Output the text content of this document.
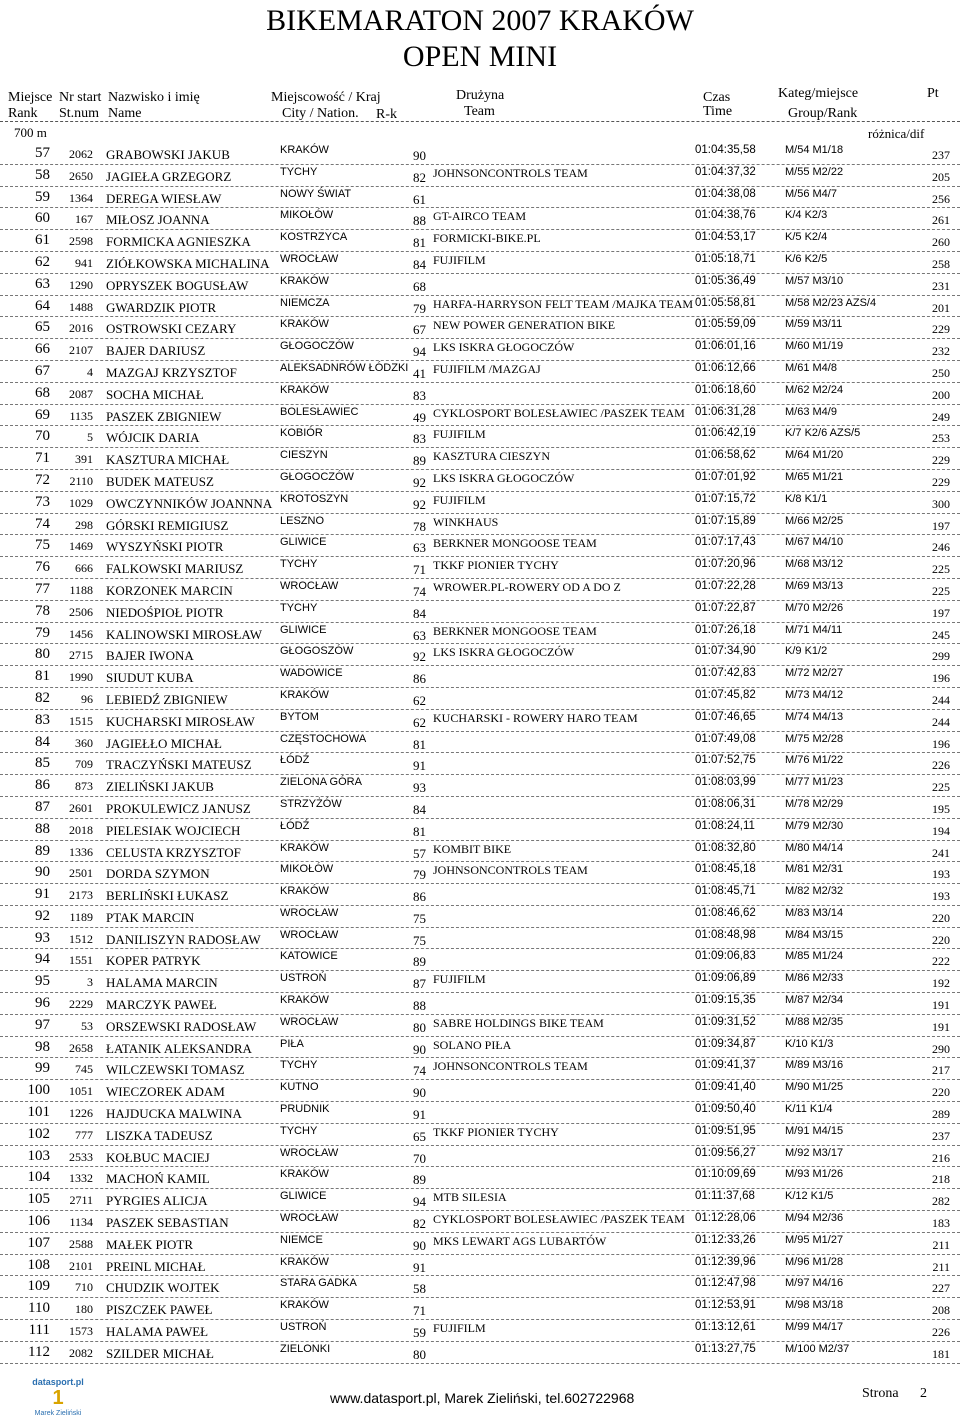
BIKEMARATON 2007 KRAKÓW
OPEN MINI
Miejsce
Rank
700 m
Nr start
St.num
Nazwisko i imię
Name
Miejscowość / Kraj
City / Nation. R-k
Drużyna
Team
Czas
Time
Kateg/miejsce
Group/Rank
różnica/dif
Pt
57	2062 GRABOWSKI JAKUB	KRAKÓW	90	01:04:35,58	M/54 M1/18	237
58	2650 JAGIEŁA GRZEGORZ	TYCHY	82 JOHNSONCONTROLS TEAM	01:04:37,32	M/55 M2/22	205
59	1364 DEREGA WIESŁAW	NOWY ŚWIAT	61	01:04:38,08	M/56 M4/7	256
60	167 MIŁOSZ JOANNA	MIKOŁÓW	88 GT-AIRCO TEAM	01:04:38,76	K/4 K2/3	261
61	2598 FORMICKA AGNIESZKA	KOSTRZYCA	81 FORMICKI-BIKE.PL	01:04:53,17	K/5 K2/4	260
62	941 ZIÓŁKOWSKA MICHALINA WROCŁAW	84 FUJIFILM	01:05:18,71	K/6 K2/5	258
63	1290 OPRYSZEK BOGUSŁAW	KRAKÓW	68	01:05:36,49	M/57 M3/10	231
64	1488 GWARDZIK PIOTR	NIEMCZA	79 HARFA-HARRYSON FELT TEAM /MAJKA TEAM 01:05:58,81	M/58 M2/23 AZS/4	201
65	2016 OSTROWSKI CEZARY	KRAKÓW	67 NEW POWER GENERATION BIKE	01:05:59,09	M/59 M3/11	229
66	2107 BAJER DARIUSZ	GŁOGOCZÓW	94 LKS ISKRA GŁOGOCZÓW	01:06:01,16	M/60 M1/19	232
67	4 MAZGAJ KRZYSZTOF	ALEKSADNRÓW ŁÓDZKI 41 FUJIFILM /MAZGAJ	01:06:12,66	M/61 M4/8	250
68	2087 SOCHA MICHAŁ	KRAKÓW	83	01:06:18,60	M/62 M2/24	200
69	1135 PASZEK ZBIGNIEW	BOLESŁAWIEC	49 CYKLOSPORT BOLESŁAWIEC /PASZEK TEAM 01:06:31,28	M/63 M4/9	249
70	5 WÓJCIK DARIA	KOBIÓR	83 FUJIFILM	01:06:42,19	K/7 K2/6 AZS/5	253
71	391 KASZTURA MICHAŁ	CIESZYN	89 KASZTURA CIESZYN	01:06:58,62	M/64 M1/20	229
72	2110 BUDEK MATEUSZ	GŁOGOCZÓW	92 LKS ISKRA GŁOGOCZÓW	01:07:01,92	M/65 M1/21	229
73	1029 OWCZYNNIKÓW JOANNNA KROTOSZYN	92 FUJIFILM	01:07:15,72	K/8 K1/1	300
74	298 GÓRSKI REMIGIUSZ	LESZNO	78 WINKHAUS	01:07:15,89	M/66 M2/25	197
75	1469 WYSZYŃSKI PIOTR	GLIWICE	63 BERKNER MONGOOSE TEAM	01:07:17,43	M/67 M4/10	246
76	666 FALKOWSKI MARIUSZ	TYCHY	71 TKKF PIONIER TYCHY	01:07:20,96	M/68 M3/12	225
77	1188 KORZONEK MARCIN	WROCŁAW	74 WROWER.PL-ROWERY OD A DO Z	01:07:22,28	M/69 M3/13	225
78	2506 NIEDOŚPIOŁ PIOTR	TYCHY	84	01:07:22,87	M/70 M2/26	197
79	1456 KALINOWSKI MIROSŁAW GLIWICE	63 BERKNER MONGOOSE TEAM	01:07:26,18	M/71 M4/11	245
80	2715 BAJER IWONA	GŁOGOSZÓW	92 LKS ISKRA GŁOGOCZÓW	01:07:34,90	K/9 K1/2	299
81	1990 SIUDUT KUBA	WADOWICE	86	01:07:42,83	M/72 M2/27	196
82	96 LEBIEDŹ ZBIGNIEW	KRAKÓW	62	01:07:45,82	M/73 M4/12	244
83	1515 KUCHARSKI MIROSŁAW BYTOM	62 KUCHARSKI - ROWERY HARO TEAM	01:07:46,65	M/74 M4/13	244
84	360 JAGIEŁŁO MICHAŁ	CZĘSTOCHOWA	81	01:07:49,08	M/75 M2/28	196
85	709 TRACZYŃSKI MATEUSZ	ŁÓDŹ	91	01:07:52,75	M/76 M1/22	226
86	873 ZIELIŃSKI JAKUB	ZIELONA GÓRA	93	01:08:03,99	M/77 M1/23	225
87	2601 PROKULEWICZ JANUSZ	STRZYŻÓW	84	01:08:06,31	M/78 M2/29	195
88	2018 PIELESIAK WOJCIECH	ŁÓDŹ	81	01:08:24,11	M/79 M2/30	194
89	1336 CELUSTA KRZYSZTOF	KRAKÓW	57 KOMBIT BIKE	01:08:32,80	M/80 M4/14	241
90	2501 DORDA SZYMON	MIKOŁÓW	79 JOHNSONCONTROLS TEAM	01:08:45,18	M/81 M2/31	193
91	2173 BERLIŃSKI ŁUKASZ	KRAKÓW	86	01:08:45,71	M/82 M2/32	193
92	1189 PTAK MARCIN	WROCŁAW	75	01:08:46,62	M/83 M3/14	220
93	1512 DANILISZYN RADOSŁAW WROCŁAW	75	01:08:48,98	M/84 M3/15	220
94	1551 KOPER PATRYK	KATOWICE	89	01:09:06,83	M/85 M1/24	222
95	3 HALAMA MARCIN	USTROŃ	87 FUJIFILM	01:09:06,89	M/86 M2/33	192
96	2229 MARCZYK PAWEŁ	KRAKÓW	88	01:09:15,35	M/87 M2/34	191
97	53 ORSZEWSKI RADOSŁAW WROCŁAW	80 SABRE HOLDINGS BIKE TEAM	01:09:31,52	M/88 M2/35	191
98	2658 ŁATANIK ALEKSANDRA	PIŁA	90 SOLANO PIŁA	01:09:34,87	K/10 K1/3	290
99	745 WILCZEWSKI TOMASZ	TYCHY	74 JOHNSONCONTROLS TEAM	01:09:41,37	M/89 M3/16	217
100	1051 WIECZOREK ADAM	KUTNO	90	01:09:41,40	M/90 M1/25	220
101	1226 HAJDUCKA MALWINA	PRUDNIK	91	01:09:50,40	K/11 K1/4	289
102	777 LISZKA TADEUSZ	TYCHY	65 TKKF PIONIER TYCHY	01:09:51,95	M/91 M4/15	237
103	2533 KOŁBUC MACIEJ	WROCŁAW	70	01:09:56,27	M/92 M3/17	216
104	1332 MACHOŃ KAMIL	KRAKÓW	89	01:10:09,69	M/93 M1/26	218
105	2711 PYRGIES ALICJA	GLIWICE	94 MTB SILESIA	01:11:37,68	K/12 K1/5	282
106	1134 PASZEK SEBASTIAN	WROCŁAW	82 CYKLOSPORT BOLESŁAWIEC /PASZEK TEAM 01:12:28,06	M/94 M2/36	183
107	2588 MAŁEK PIOTR	NIEMCE	90 MKS LEWART AGS LUBARTÓW	01:12:33,26	M/95 M1/27	211
108	2101 PREINL MICHAŁ	KRAKÓW	91	01:12:39,96	M/96 M1/28	211
109	710 CHUDZIK WOJTEK	STARA GADKA	58	01:12:47,98	M/97 M4/16	227
110	180 PISZCZEK PAWEŁ	KRAKÓW	71	01:12:53,91	M/98 M3/18	208
111	1573 HALAMA PAWEŁ	USTROŃ	59 FUJIFILM	01:13:12,61	M/99 M4/17	226
112	2082 SZILDER MICHAŁ	ZIELONKI	80	01:13:27,75	M/100 M2/37	181
datasport.pl
1
Marek Zieliński
www.datasport.pl, Marek Zieliński, tel.602722968	Strona 2
